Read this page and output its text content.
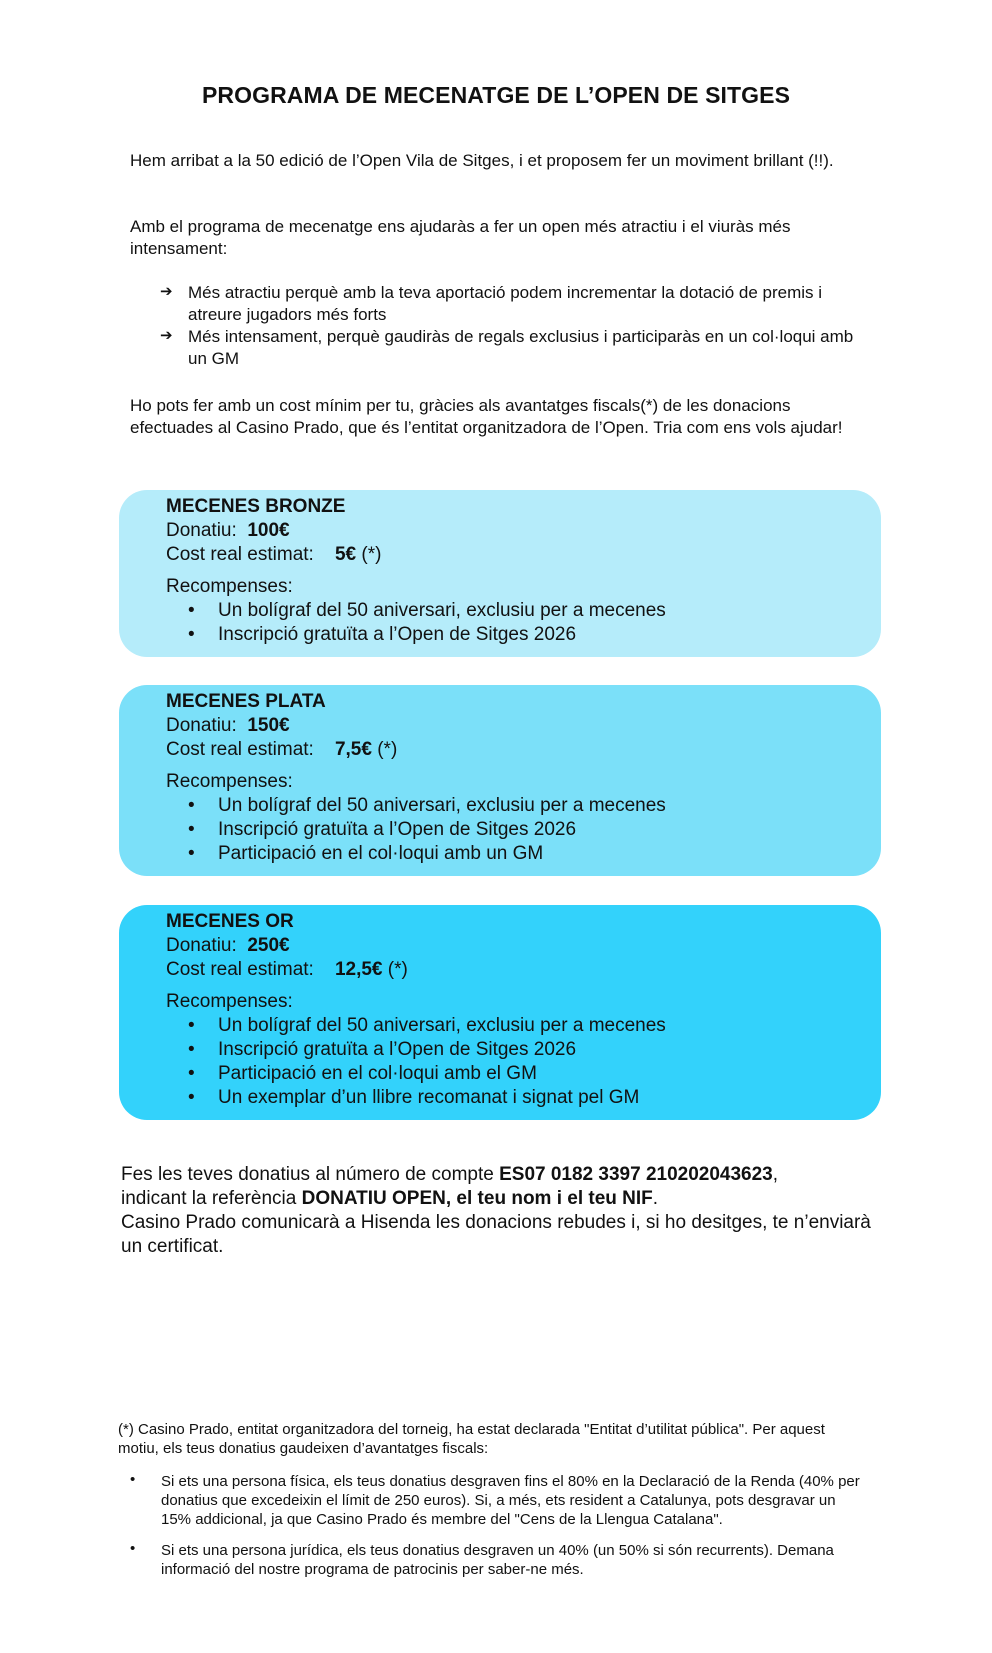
PROGRAMA DE MECENATGE DE L’OPEN DE SITGES

Hem arribat a la 50 edició de l’Open Vila de Sitges, i et proposem fer un moviment brillant (!!).

Amb el programa de mecenatge ens ajudaràs a fer un open més atractiu i el viuràs més intensament:

➔ Més atractiu perquè amb la teva aportació podem incrementar la dotació de premis i atreure jugadors més forts
➔ Més intensament, perquè gaudiràs de regals exclusius i participaràs en un col·loqui amb un GM

Ho pots fer amb un cost mínim per tu, gràcies als avantatges fiscals(*) de les donacions efectuades al Casino Prado, que és l’entitat organitzadora de l’Open. Tria com ens vols ajudar!

MECENES BRONZE
Donatiu: 100€
Cost real estimat: 5€ (*)
Recompenses:
• Un bolígraf del 50 aniversari, exclusiu per a mecenes
• Inscripció gratuïta a l’Open de Sitges 2026
MECENES PLATA
Donatiu: 150€
Cost real estimat: 7,5€ (*)
Recompenses:
• Un bolígraf del 50 aniversari, exclusiu per a mecenes
• Inscripció gratuïta a l’Open de Sitges 2026
• Participació en el col·loqui amb un GM
MECENES OR
Donatiu: 250€
Cost real estimat: 12,5€ (*)
Recompenses:
• Un bolígraf del 50 aniversari, exclusiu per a mecenes
• Inscripció gratuïta a l’Open de Sitges 2026
• Participació en el col·loqui amb el GM
• Un exemplar d’un llibre recomanat i signat pel GM
Fes les teves donatius al número de compte ES07 0182 3397 210202043623,
indicant la referència DONATIU OPEN, el teu nom i el teu NIF.
Casino Prado comunicarà a Hisenda les donacions rebudes i, si ho desitges, te n’enviarà un certificat.

(*) Casino Prado, entitat organitzadora del torneig, ha estat declarada "Entitat d’utilitat pública". Per aquest motiu, els teus donatius gaudeixen d’avantatges fiscals:

• Si ets una persona física, els teus donatius desgraven fins el 80% en la Declaració de la Renda (40% per donatius que excedeixin el límit de 250 euros). Si, a més, ets resident a Catalunya, pots desgravar un 15% addicional, ja que Casino Prado és membre del "Cens de la Llengua Catalana".
• Si ets una persona jurídica, els teus donatius desgraven un 40% (un 50% si són recurrents). Demana informació del nostre programa de patrocinis per saber-ne més.
